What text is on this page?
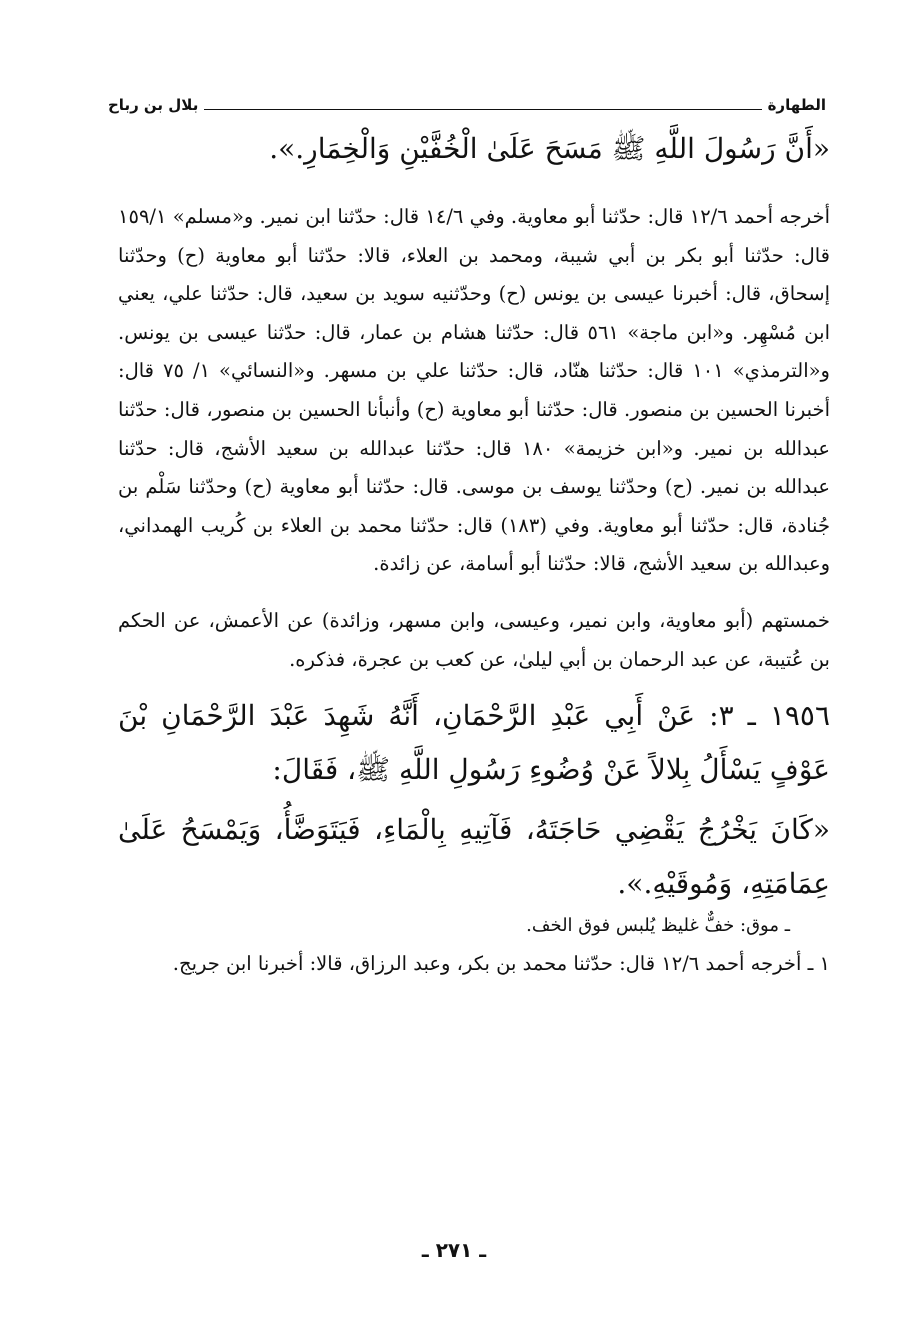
الطهارة
بلال بن رباح

«أَنَّ رَسُولَ اللَّهِ ﷺ مَسَحَ عَلَىٰ الْخُفَّيْنِ وَالْخِمَارِ.».

أخرجه أحمد ١٢/٦ قال: حدّثنا أبو معاوية. وفي ١٤/٦ قال: حدّثنا ابن نمير. و«مسلم» ١٥٩/١ قال: حدّثنا أبو بكر بن أبي شيبة، ومحمد بن العلاء، قالا: حدّثنا أبو معاوية (ح) وحدّثنا إسحاق، قال: أخبرنا عيسى بن يونس (ح) وحدّثنيه سويد بن سعيد، قال: حدّثنا علي، يعني ابن مُسْهِر. و«ابن ماجة» ٥٦١ قال: حدّثنا هشام بن عمار، قال: حدّثنا عيسى بن يونس. و«الترمذي» ١٠١ قال: حدّثنا هنّاد، قال: حدّثنا علي بن مسهر. و«النسائي» ١/ ٧٥ قال: أخبرنا الحسين بن منصور. قال: حدّثنا أبو معاوية (ح) وأنبأنا الحسين بن منصور، قال: حدّثنا عبدالله بن نمير. و«ابن خزيمة» ١٨٠ قال: حدّثنا عبدالله بن سعيد الأشج، قال: حدّثنا عبدالله بن نمير. (ح) وحدّثنا يوسف بن موسى. قال: حدّثنا أبو معاوية (ح) وحدّثنا سَلْم بن جُنادة، قال: حدّثنا أبو معاوية. وفي (١٨٣) قال: حدّثنا محمد بن العلاء بن كُريب الهمداني، وعبدالله بن سعيد الأشج، قالا: حدّثنا أبو أسامة، عن زائدة.

خمستهم (أبو معاوية، وابن نمير، وعيسى، وابن مسهر، وزائدة) عن الأعمش، عن الحكم بن عُتيبة، عن عبد الرحمان بن أبي ليلىٰ، عن كعب بن عجرة، فذكره.

١٩٥٦ ـ ٣: عَنْ أَبِي عَبْدِ الرَّحْمَانِ، أَنَّهُ شَهِدَ عَبْدَ الرَّحْمَانِ بْنَ عَوْفٍ يَسْأَلُ بِلالاً عَنْ وُضُوءِ رَسُولِ اللَّهِ ﷺ، فَقَالَ:

«كَانَ يَخْرُجُ يَقْضِي حَاجَتَهُ، فَآتِيهِ بِالْمَاءِ، فَيَتَوَضَّأُ، وَيَمْسَحُ عَلَىٰ عِمَامَتِهِ، وَمُوقَيْهِ.».

ـ موق: خفٌّ غليظ يُلبس فوق الخف.

١ ـ أخرجه أحمد ١٢/٦ قال: حدّثنا محمد بن بكر، وعبد الرزاق، قالا: أخبرنا ابن جريج.

ـ ٢٧١ ـ
